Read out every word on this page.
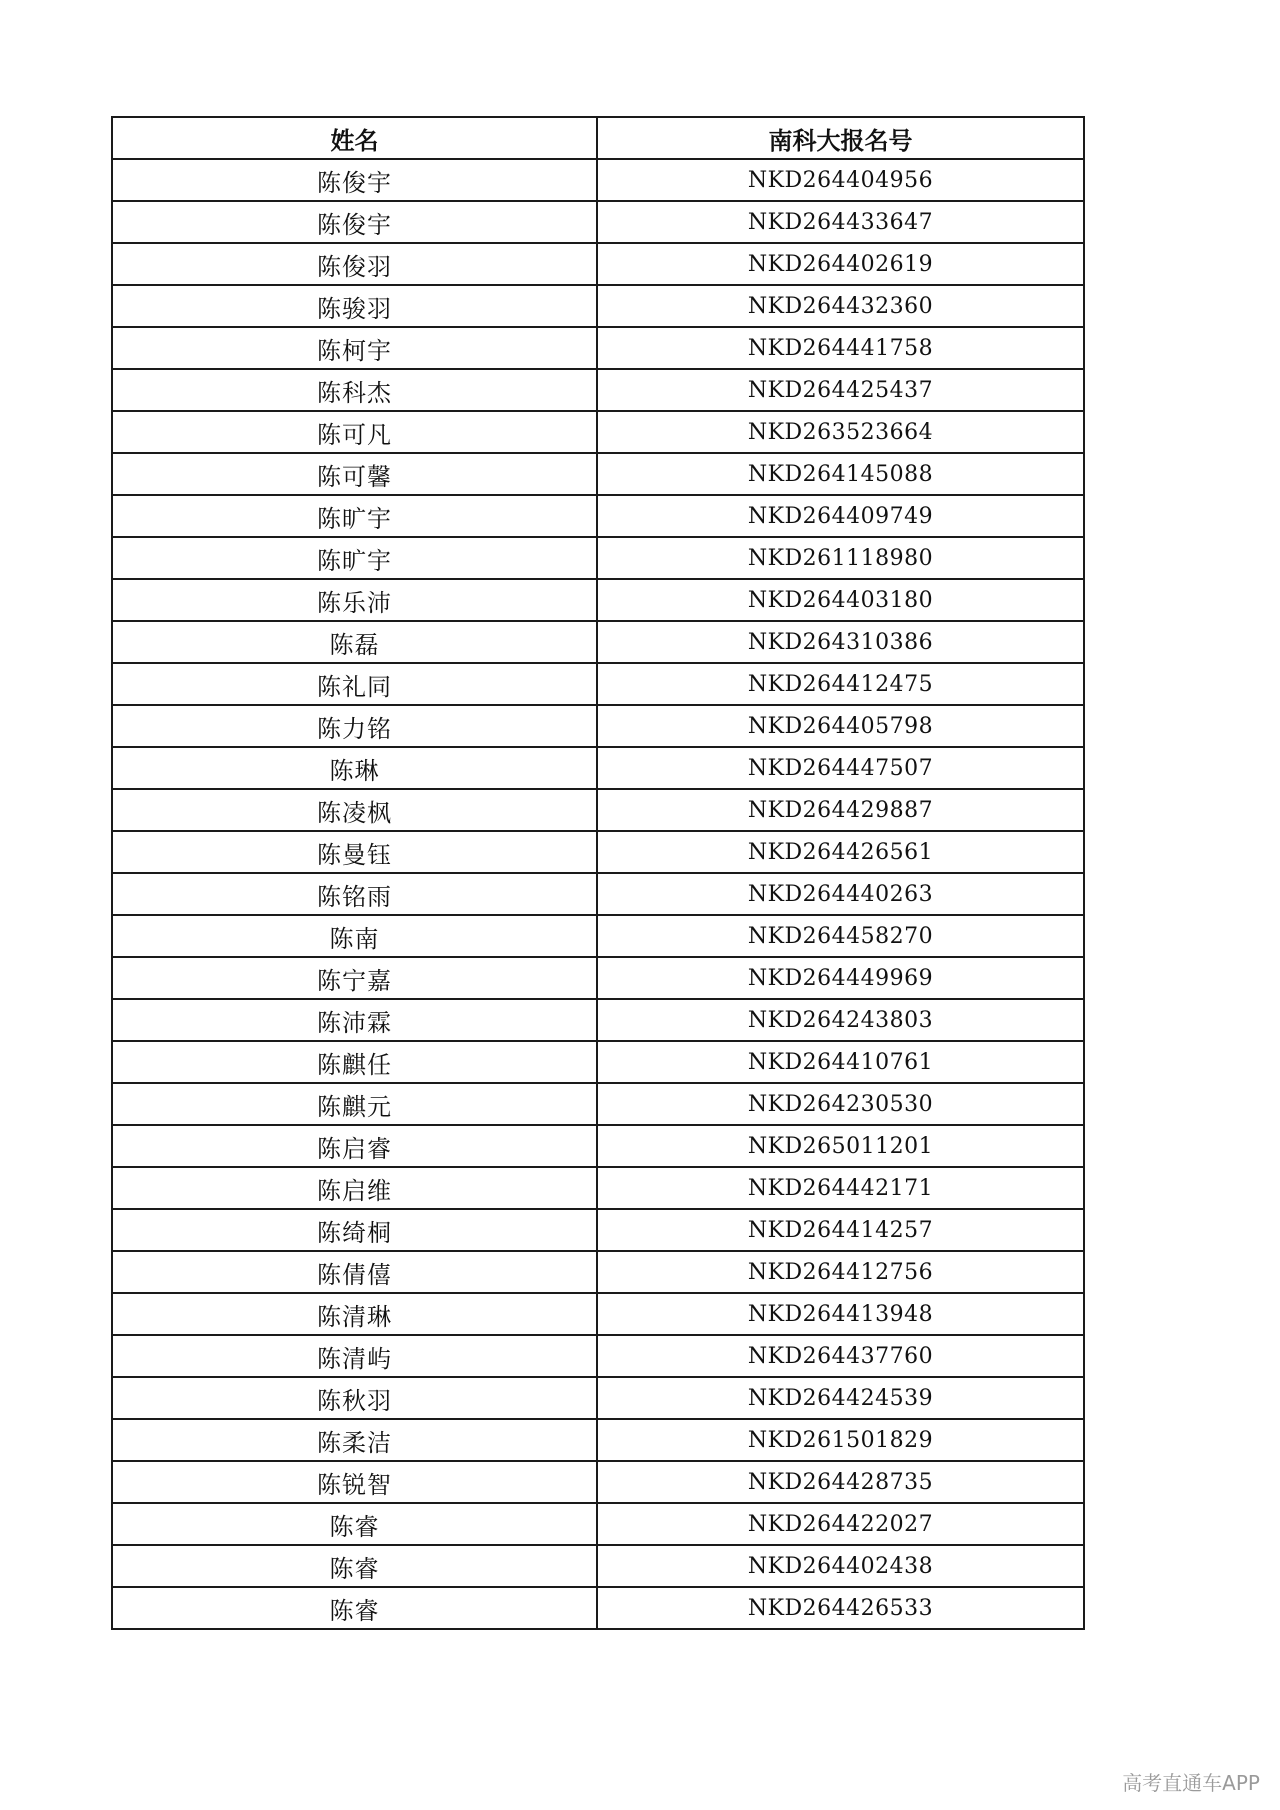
姓名	南科大报名号
陈俊宇	NKD264404956
陈俊宇	NKD264433647
陈俊羽	NKD264402619
陈骏羽	NKD264432360
陈柯宇	NKD264441758
陈科杰	NKD264425437
陈可凡	NKD263523664
陈可馨	NKD264145088
陈旷宇	NKD264409749
陈旷宇	NKD261118980
陈乐沛	NKD264403180
陈磊	NKD264310386
陈礼同	NKD264412475
陈力铭	NKD264405798
陈琳	NKD264447507
陈凌枫	NKD264429887
陈曼钰	NKD264426561
陈铭雨	NKD264440263
陈南	NKD264458270
陈宁嘉	NKD264449969
陈沛霖	NKD264243803
陈麒任	NKD264410761
陈麒元	NKD264230530
陈启睿	NKD265011201
陈启维	NKD264442171
陈绮桐	NKD264414257
陈倩僖	NKD264412756
陈清琳	NKD264413948
陈清屿	NKD264437760
陈秋羽	NKD264424539
陈柔洁	NKD261501829
陈锐智	NKD264428735
陈睿	NKD264422027
陈睿	NKD264402438
陈睿	NKD264426533
高考直通车APP
